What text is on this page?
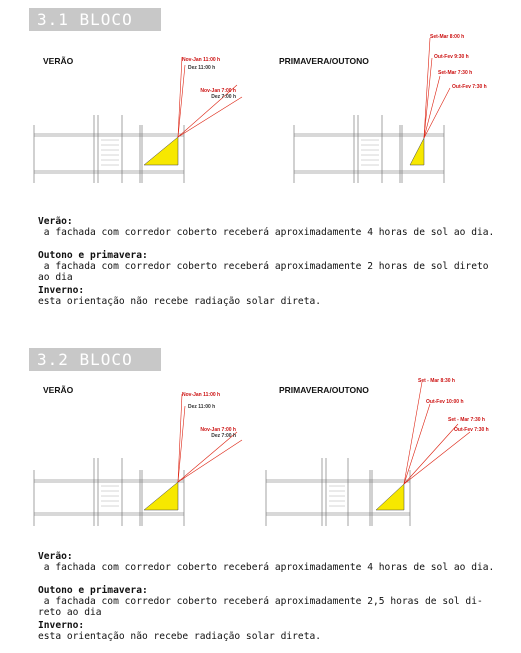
3.1 BLOCO 1A
VERÃO	PRIMAVERA/OUTONO
Nov-Jan 11:00 h
Dez 11:00 h
Nov-Jan 7:00 h
Dez 7:00 h
Set-Mar 8:00 h
Out-Fev 9:30 h
Set-Mar 7:30 h
Out-Fev 7:30 h

Verão:
a fachada com corredor coberto receberá aproximadamente 4 horas de sol ao dia.
Outono e primavera:
a fachada com corredor coberto receberá aproximadamente 2 horas de sol direto
ao dia
Inverno:
esta orientação não recebe radiação solar direta.

3.2 BLOCO 1B
VERÃO	PRIMAVERA/OUTONO
Nov-Jan 11:00 h
Dez 11:00 h
Nov-Jan 7:00 h
Dez 7:00 h
Set - Mar 8:30 h
Out-Fev 10:00 h
Set - Mar 7:30 h
Out-Fev 7:30 h

Verão:
a fachada com corredor coberto receberá aproximadamente 4 horas de sol ao dia.
Outono e primavera:
a fachada com corredor coberto receberá aproximadamente 2,5 horas de sol di-
reto ao dia
Inverno:
esta orientação não recebe radiação solar direta.
